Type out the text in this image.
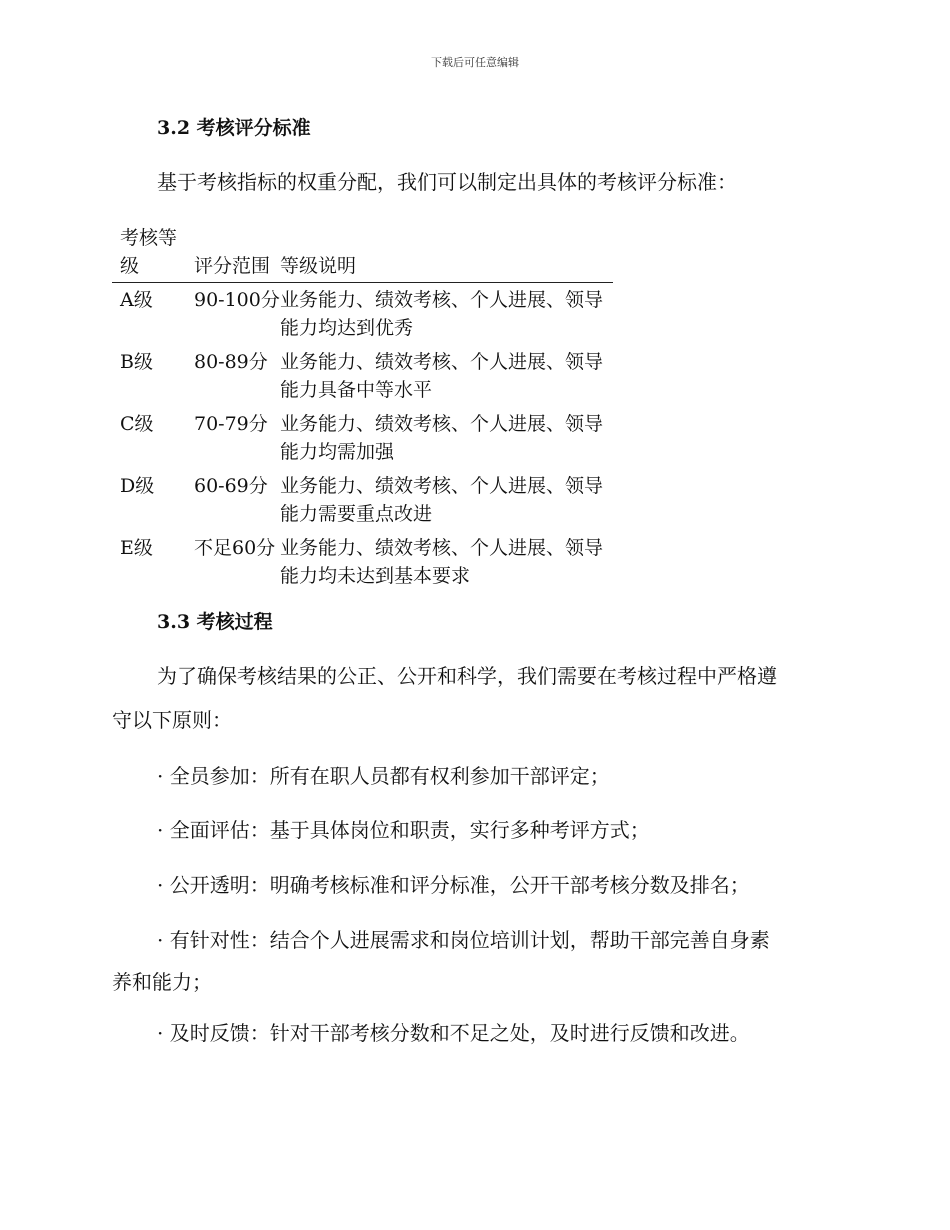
下载后可任意编辑
3.2 考核评分标准
基于考核指标的权重分配，我们可以制定出具体的考核评分标准：
考核等级	评分范围	等级说明
A级	90-100分	业务能力、绩效考核、个人进展、领导能力均达到优秀
B级	80-89分	业务能力、绩效考核、个人进展、领导能力具备中等水平
C级	70-79分	业务能力、绩效考核、个人进展、领导能力均需加强
D级	60-69分	业务能力、绩效考核、个人进展、领导能力需要重点改进
E级	不足60分	业务能力、绩效考核、个人进展、领导能力均未达到基本要求
3.3 考核过程
为了确保考核结果的公正、公开和科学，我们需要在考核过程中严格遵
守以下原则：
· 全员参加：所有在职人员都有权利参加干部评定；
· 全面评估：基于具体岗位和职责，实行多种考评方式；
· 公开透明：明确考核标准和评分标准，公开干部考核分数及排名；
· 有针对性：结合个人进展需求和岗位培训计划，帮助干部完善自身素
养和能力；
· 及时反馈：针对干部考核分数和不足之处，及时进行反馈和改进。
